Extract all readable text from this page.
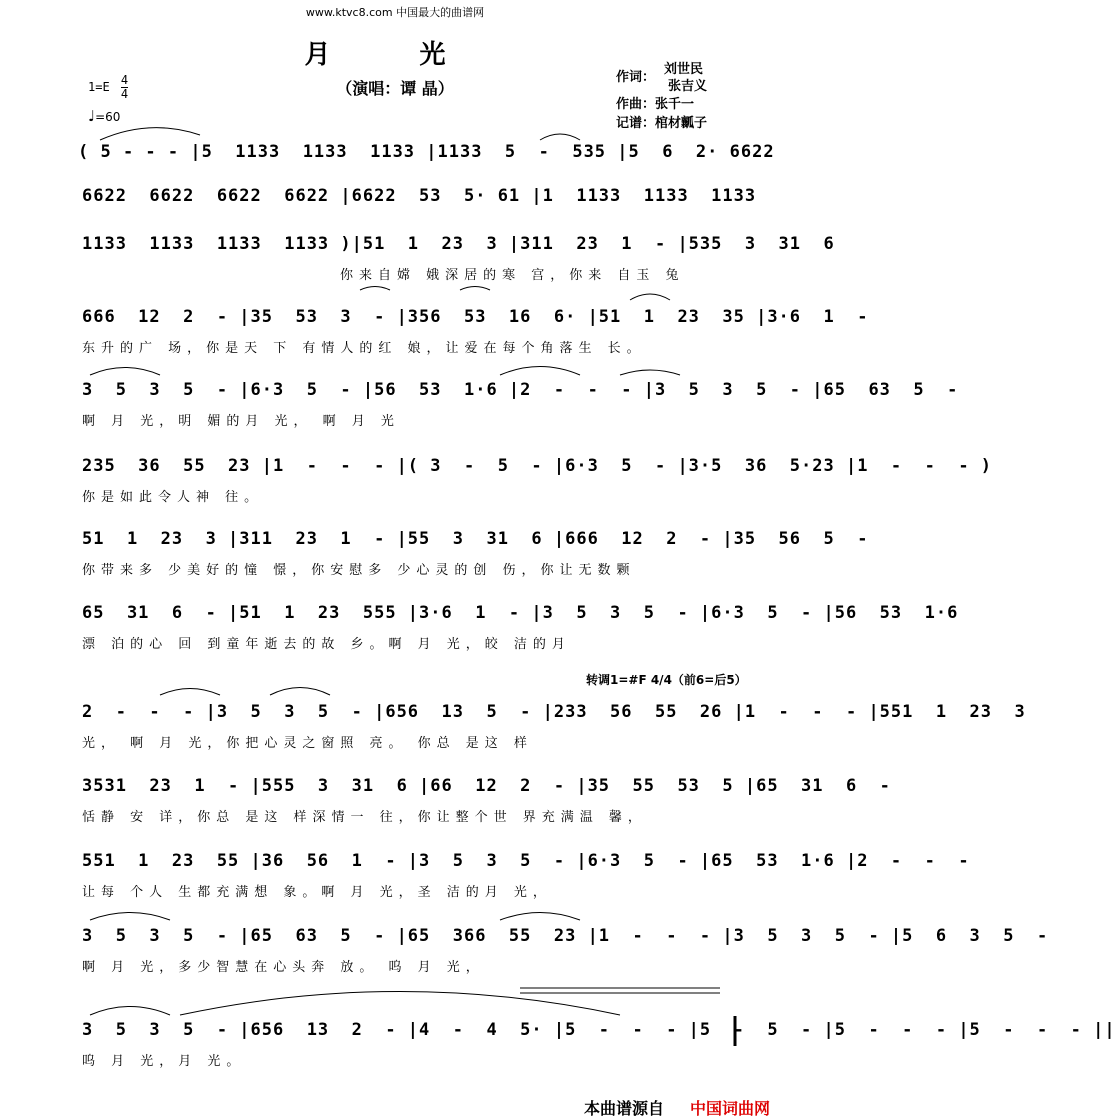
www.ktvc8.com 中国最大的曲谱网
月 光
（演唱：谭 晶）
作词：
刘世民
张吉义
作曲：张千一
记谱：棺材瓤子
$1=E \frac{4}{4}$
♩=60
( 5 - - - |5  1133  1133  1133 |1133  5  -  535 |5  6  2· 6622
6622  6622  6622  6622 |6622  53  5· 61 |1  1133  1133  1133
1133  1133  1133  1133 )|51  1  23  3 |311  23  1  - |535  3  31  6
你来自嫦 娥深居的寒 宫，你来 自玉 兔
666  12  2  - |35  53  3  - |356  53  16  6· |51  1  23  35 |3·6  1  -
东升的广 场，你是天 下 有情人的红 娘，让爱在每个角落生 长。
3  5  3  5  - |6·3  5  - |56  53  1·6 |2  -  -  - |3  5  3  5  - |65  63  5  -
啊 月 光，明 媚的月 光， 啊 月 光
235  36  55  23 |1  -  -  - |( 3  -  5  - |6·3  5  - |3·5  36  5·23 |1  -  -  - )
你是如此令人神 往。
51  1  23  3 |311  23  1  - |55  3  31  6 |666  12  2  - |35  56  5  -
你带来多 少美好的憧 憬，你安慰多 少心灵的创 伤，你让无数颗
65  31  6  - |51  1  23  555 |3·6  1  - |3  5  3  5  - |6·3  5  - |56  53  1·6
漂 泊的心 回 到童年逝去的故 乡。啊 月 光，皎 洁的月
转调1=#F 4/4（前6=后5）
2  -  -  - |3  5  3  5  - |656  13  5  - |233  56  55  26 |1  -  -  - |551  1  23  3
光， 啊 月 光，你把心灵之窗照 亮。 你总 是这 样
3531  23  1  - |555  3  31  6 |66  12  2  - |35  55  53  5 |65  31  6  -
恬静 安 详，你总 是这 样深情一 往，你让整个世 界充满温 馨，
551  1  23  55 |36  56  1  - |3  5  3  5  - |6·3  5  - |65  53  1·6 |2  -  -  -
让每 个人 生都充满想 象。啊 月 光，圣 洁的月 光，
3  5  3  5  - |65  63  5  - |65  366  55  23 |1  -  -  - |3  5  3  5  - |5  6  3  5  -
啊 月 光，多少智慧在心头奔 放。 呜 月 光，
3  5  3  5  - |656  13  2  - |4  -  4  5· |5  -  -  - |5  -  5  - |5  -  -  - |5  -  -  - ||
呜 月 光，月 光。
本曲谱源自 中国词曲网
